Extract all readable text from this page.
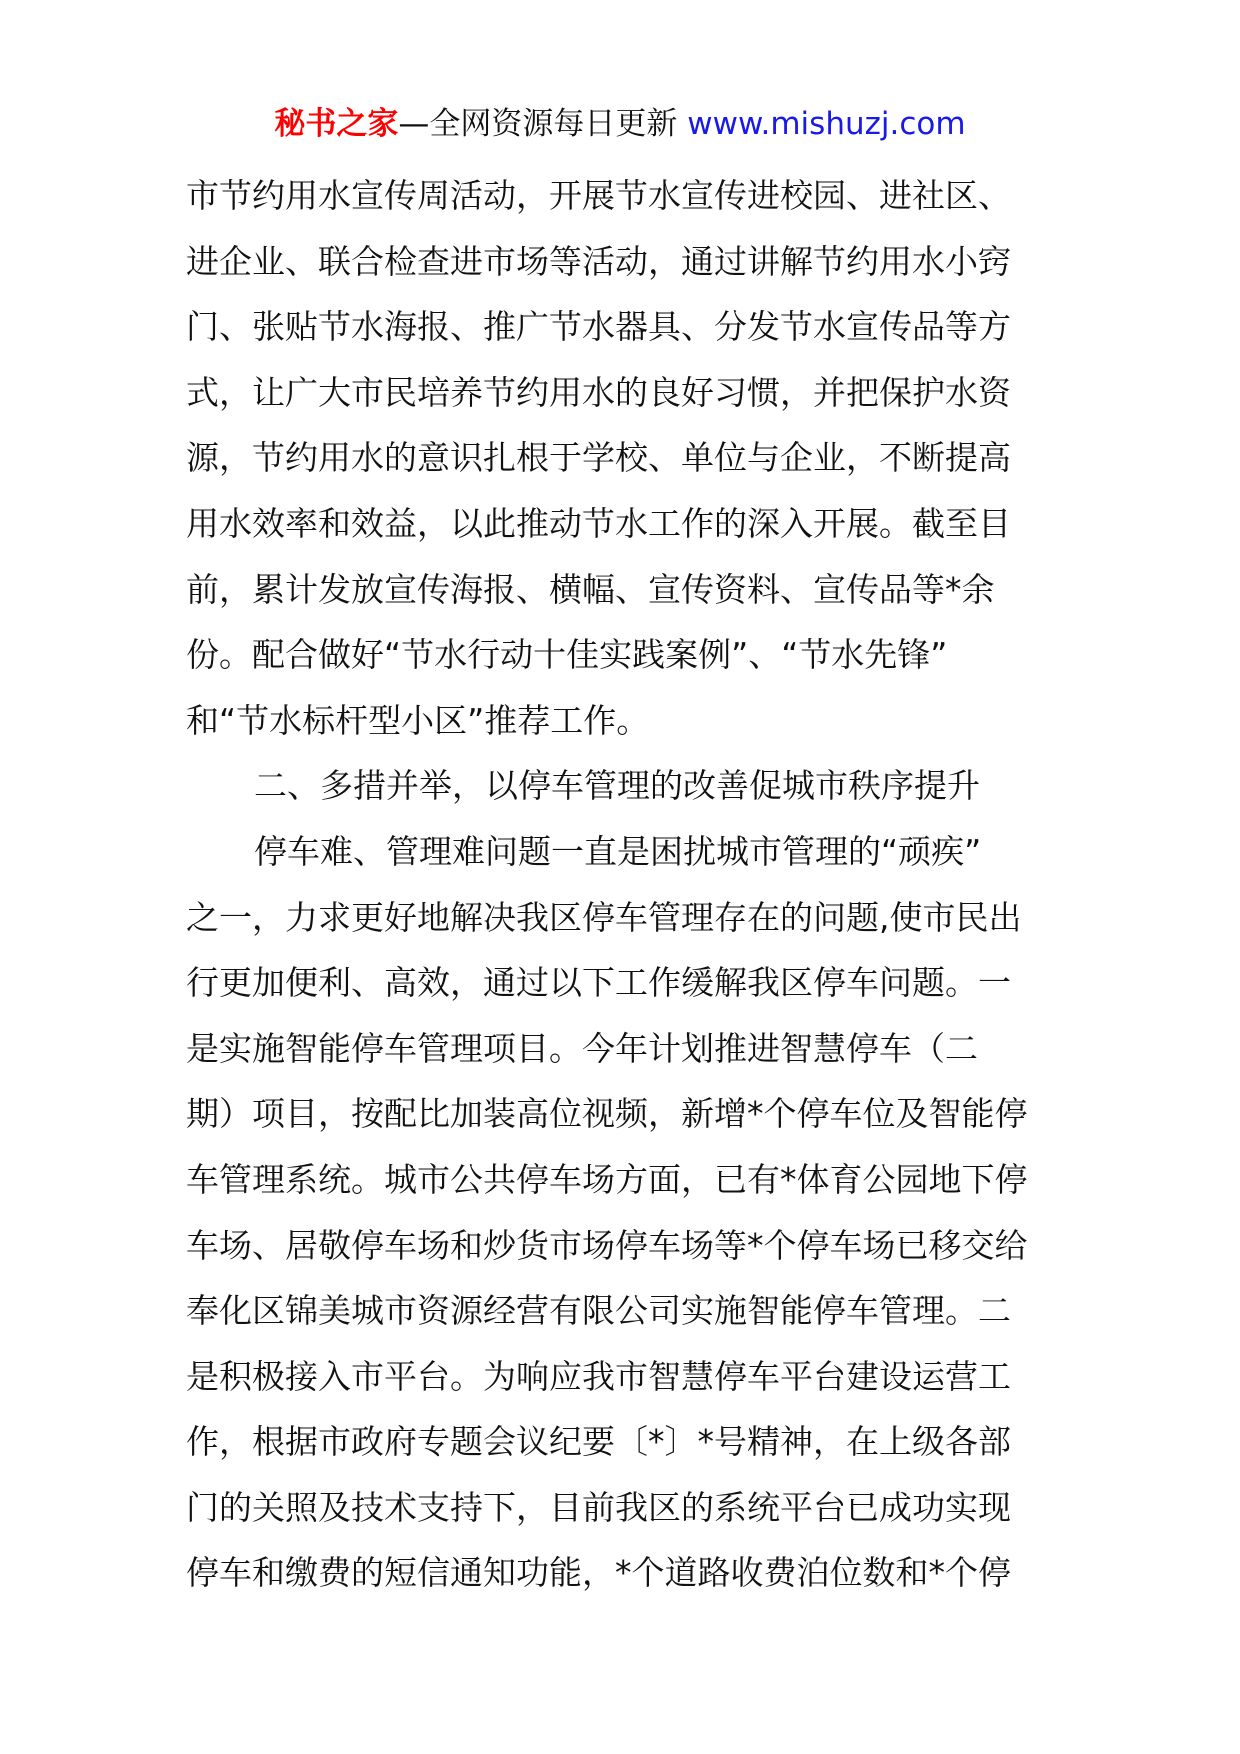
秘书之家—全网资源每日更新 www.mishuzj.com
市节约用水宣传周活动，开展节水宣传进校园、进社区、
进企业、联合检查进市场等活动，通过讲解节约用水小窍
门、张贴节水海报、推广节水器具、分发节水宣传品等方
式，让广大市民培养节约用水的良好习惯，并把保护水资
源，节约用水的意识扎根于学校、单位与企业，不断提高
用水效率和效益，以此推动节水工作的深入开展。截至目
前，累计发放宣传海报、横幅、宣传资料、宣传品等*余
份。配合做好“节水行动十佳实践案例”、“节水先锋”
和“节水标杆型小区”推荐工作。
二、多措并举，以停车管理的改善促城市秩序提升
停车难、管理难问题一直是困扰城市管理的“顽疾”
之一，力求更好地解决我区停车管理存在的问题,使市民出
行更加便利、高效，通过以下工作缓解我区停车问题。一
是实施智能停车管理项目。今年计划推进智慧停车（二
期）项目，按配比加装高位视频，新增*个停车位及智能停
车管理系统。城市公共停车场方面，已有*体育公园地下停
车场、居敬停车场和炒货市场停车场等*个停车场已移交给
奉化区锦美城市资源经营有限公司实施智能停车管理。二
是积极接入市平台。为响应我市智慧停车平台建设运营工
作，根据市政府专题会议纪要〔*〕*号精神，在上级各部
门的关照及技术支持下，目前我区的系统平台已成功实现
停车和缴费的短信通知功能，*个道路收费泊位数和*个停
